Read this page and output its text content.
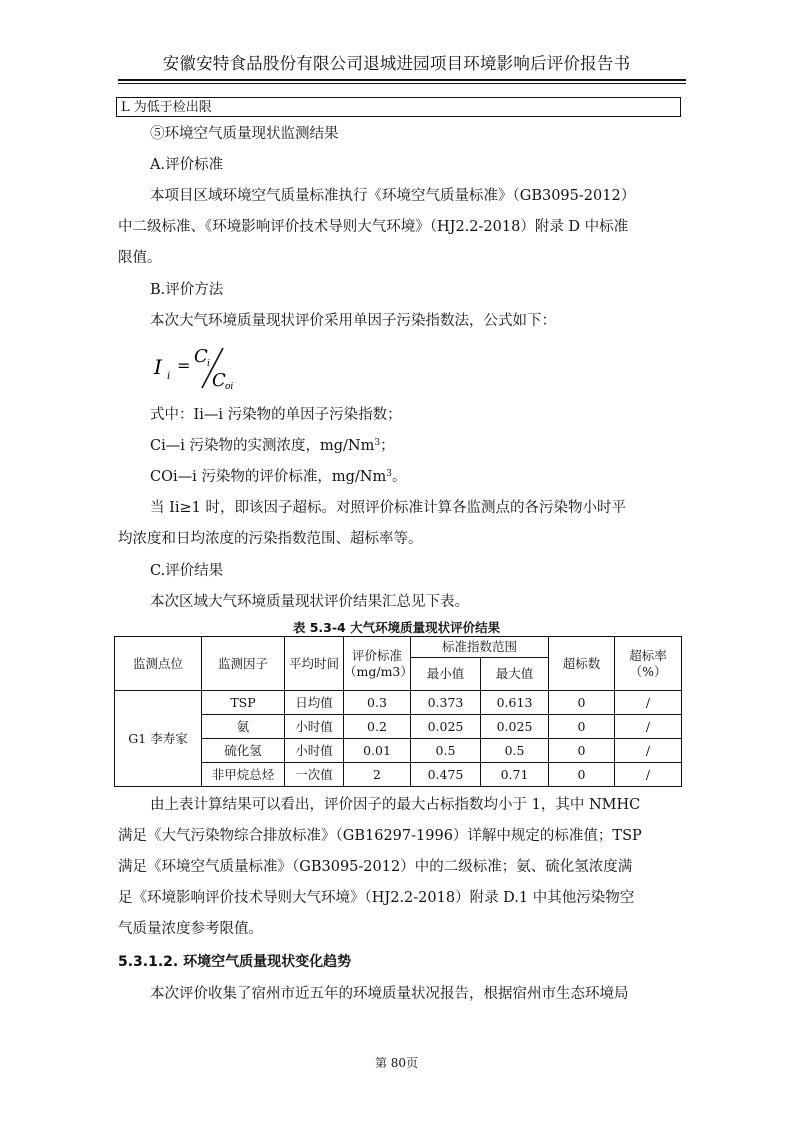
安徽安特食品股份有限公司退城进园项目环境影响后评价报告书
L 为低于检出限
⑤环境空气质量现状监测结果
A.评价标准
本项目区域环境空气质量标准执行《环境空气质量标准》（GB3095-2012）
中二级标准、《环境影响评价技术导则大气环境》（HJ2.2-2018）附录 D 中标准
限值。
B.评价方法
本次大气环境质量现状评价采用单因子污染指数法，公式如下：
I i
= C i
C oi
式中：Ii—i 污染物的单因子污染指数；
Ci—i 污染物的实测浓度，mg/Nm$^3$；
COi—i 污染物的评价标准，mg/Nm$^3$。
当 Ii≥1 时，即该因子超标。对照评价标准计算各监测点的各污染物小时平
均浓度和日均浓度的污染指数范围、超标率等。
C.评价结果
本次区域大气环境质量现状评价结果汇总见下表。
表 5.3-4 大气环境质量现状评价结果
监测点位	监测因子	平均时间	评价标准（mg/m3）	标准指数范围		超标数	超标率（%）
				最小值	最大值		
G1 李寿家	TSP	日均值	0.3	0.373	0.613	0	/
	氨	小时值	0.2	0.025	0.025	0	/
	硫化氢	小时值	0.01	0.5	0.5	0	/
	非甲烷总烃	一次值	2	0.475	0.71	0	/
由上表计算结果可以看出，评价因子的最大占标指数均小于 1，其中 NMHC
满足《大气污染物综合排放标准》（GB16297-1996）详解中规定的标准值；TSP
满足《环境空气质量标准》（GB3095-2012）中的二级标准；氨、硫化氢浓度满
足《环境影响评价技术导则大气环境》（HJ2.2-2018）附录 D.1 中其他污染物空
气质量浓度参考限值。
5.3.1.2. 环境空气质量现状变化趋势
本次评价收集了宿州市近五年的环境质量状况报告，根据宿州市生态环境局
第 80页
